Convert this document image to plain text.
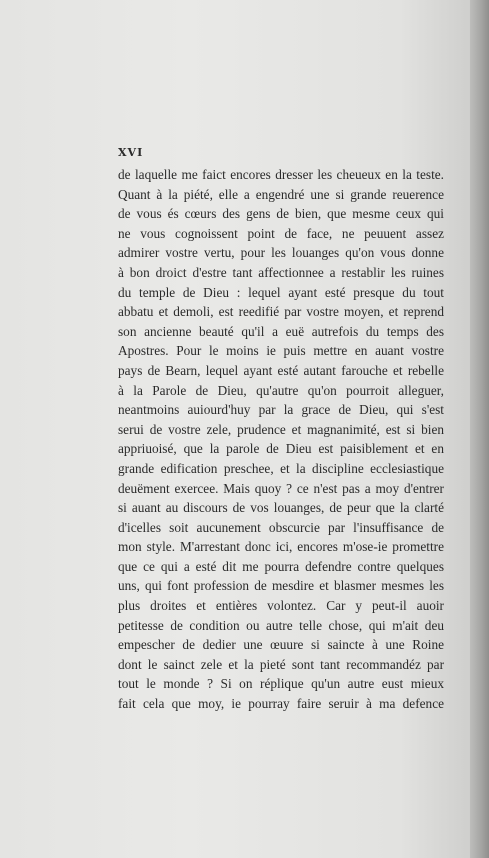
XVI
de laquelle me faict encores dresser les cheueux en la teste.
Quant à la piété, elle a engendré une si grande reuerence
de vous és cœurs des gens de bien, que mesme ceux qui
ne vous cognoissent point de face, ne peuuent assez
admirer vostre vertu, pour les louanges qu'on vous donne
à bon droict d'estre tant affectionnee a restablir les ruines
du temple de Dieu : lequel ayant esté presque du tout
abbatu et demoli, est reedifié par vostre moyen, et reprend
son ancienne beauté qu'il a euë autrefois du temps des
Apostres. Pour le moins ie puis mettre en auant vostre
pays de Bearn, lequel ayant esté autant farouche et rebelle
à la Parole de Dieu, qu'autre qu'on pourroit alleguer,
neantmoins auiourd'huy par la grace de Dieu, qui s'est
serui de vostre zele, prudence et magnanimité, est si bien
appriuoisé, que la parole de Dieu est paisiblement et en
grande edification preschee, et la discipline ecclesiastique
deuëment exercee. Mais quoy ? ce n'est pas a moy d'entrer
si auant au discours de vos louanges, de peur que la clarté
d'icelles soit aucunement obscurcie par l'insuffisance de
mon style. M'arrestant donc ici, encores m'ose-ie promettre
que ce qui a esté dit me pourra defendre contre quelques
uns, qui font profession de mesdire et blasmer mesmes les
plus droites et entières volontez. Car y peut-il auoir
petitesse de condition ou autre telle chose, qui m'ait deu
empescher de dedier une œuure si saincte à une Roine
dont le sainct zele et la pieté sont tant recommandéz par
tout le monde ? Si on réplique qu'un autre eust mieux
fait cela que moy, ie pourray faire seruir à ma defence
